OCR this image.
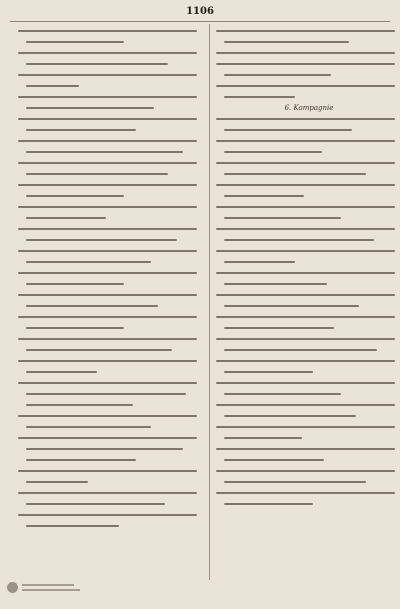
1106
6. Kompagnie
